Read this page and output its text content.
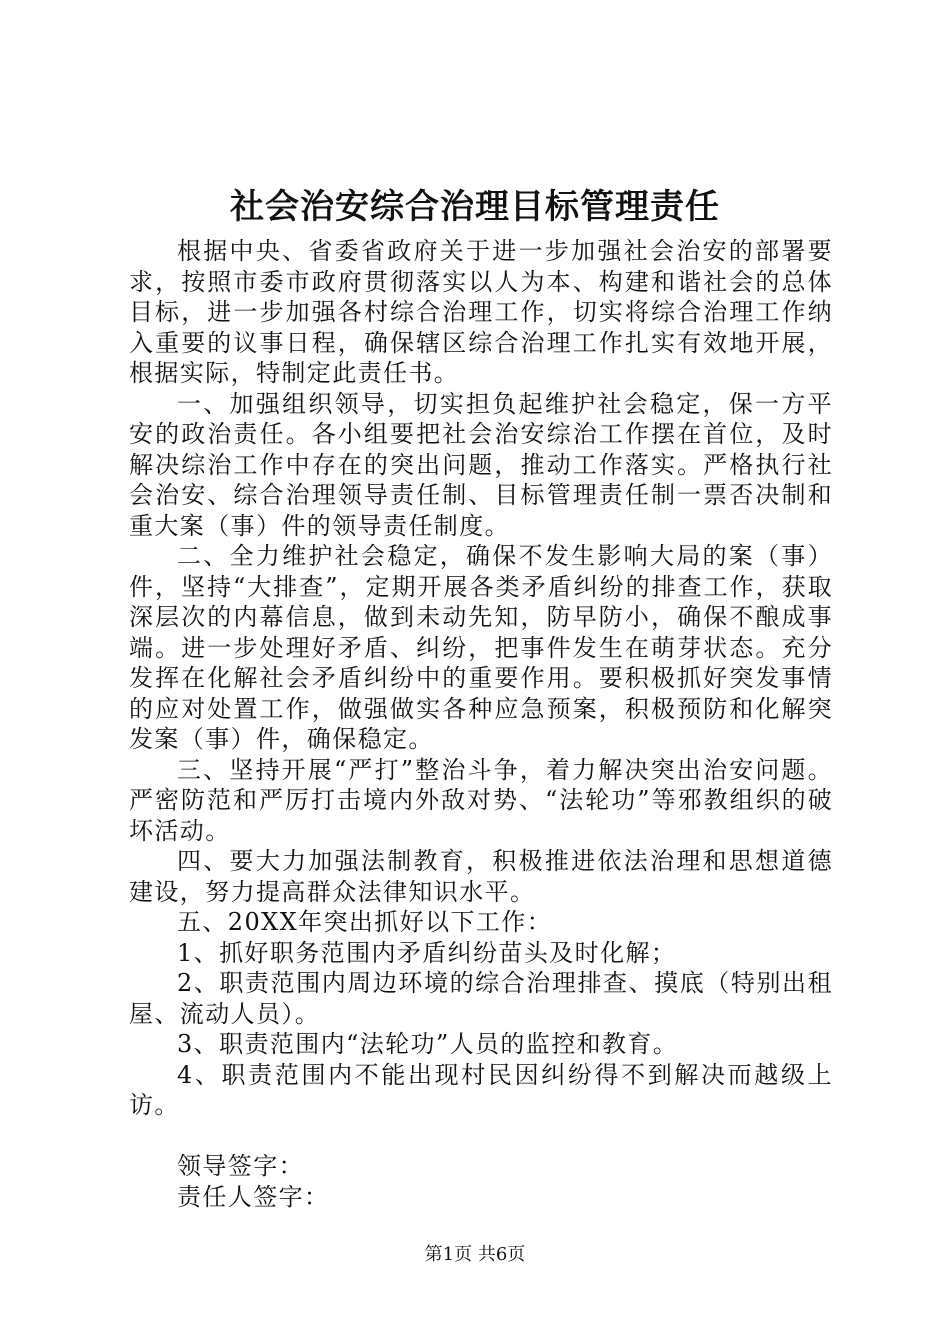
社会治安综合治理目标管理责任

根据中央、省委省政府关于进一步加强社会治安的部署要求，按照市委市政府贯彻落实以人为本、构建和谐社会的总体目标，进一步加强各村综合治理工作，切实将综合治理工作纳入重要的议事日程，确保辖区综合治理工作扎实有效地开展，根据实际，特制定此责任书。

一、加强组织领导，切实担负起维护社会稳定，保一方平安的政治责任。各小组要把社会治安综治工作摆在首位，及时解决综治工作中存在的突出问题，推动工作落实。严格执行社会治安、综合治理领导责任制、目标管理责任制一票否决制和重大案（事）件的领导责任制度。

二、全力维护社会稳定，确保不发生影响大局的案（事）件，坚持“大排查”，定期开展各类矛盾纠纷的排查工作，获取深层次的内幕信息，做到未动先知，防早防小，确保不酿成事端。进一步处理好矛盾、纠纷，把事件发生在萌芽状态。充分发挥在化解社会矛盾纠纷中的重要作用。要积极抓好突发事情的应对处置工作，做强做实各种应急预案，积极预防和化解突发案（事）件，确保稳定。

三、坚持开展“严打”整治斗争，着力解决突出治安问题。严密防范和严厉打击境内外敌对势、“法轮功”等邪教组织的破坏活动。

四、要大力加强法制教育，积极推进依法治理和思想道德建设，努力提高群众法律知识水平。

五、20XX年突出抓好以下工作：

1、抓好职务范围内矛盾纠纷苗头及时化解；

2、职责范围内周边环境的综合治理排查、摸底（特别出租屋、流动人员）。

3、职责范围内“法轮功”人员的监控和教育。

4、职责范围内不能出现村民因纠纷得不到解决而越级上访。

领导签字：

责任人签字：

第1页 共6页
